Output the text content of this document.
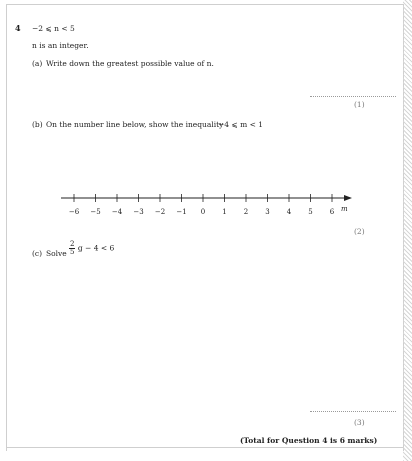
4 −2 ⩽ n < 5
n is an integer.
(a) Write down the greatest possible value of n.
(1)
(b) On the number line below, show the inequality
−4 ⩽ m < 1
−6 −5 −4 −3 −2 −1 0 1 2 3 4 5 6 m
(2)
(c) Solve $\frac{2}{5}$ g − 4 < 6
(3)
(Total for Question 4 is 6 marks)
